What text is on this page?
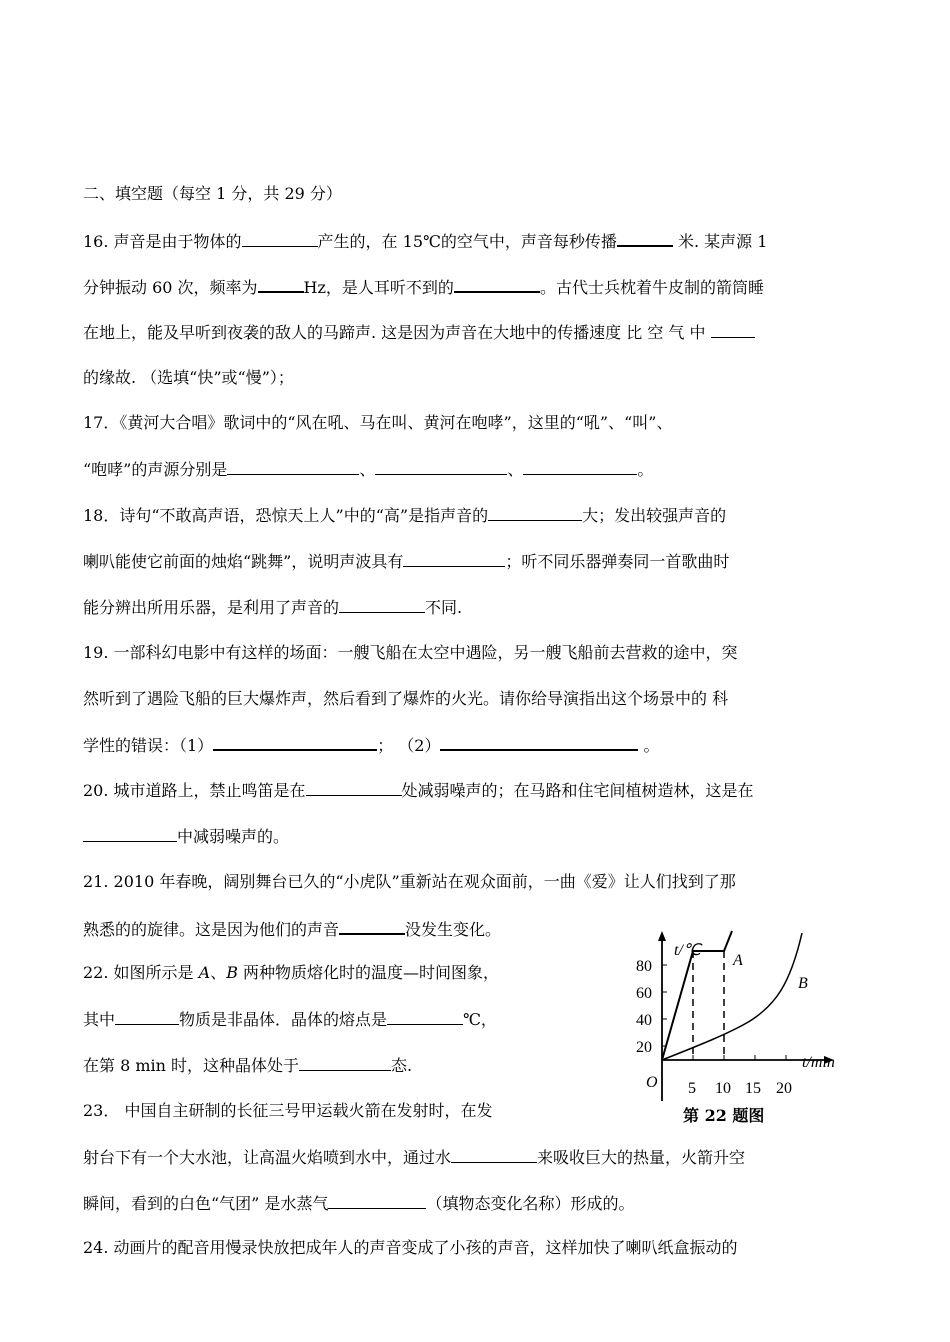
二、填空题（每空 1 分，共 29 分）
16. 声音是由于物体的	产生的，在 15℃的空气中，声音每秒传播	米. 某声源 1
分钟振动 60 次，频率为	Hz，是人耳听不到的	。古代士兵枕着牛皮制的箭筒睡
在地上，能及早听到夜袭的敌人的马蹄声. 这是因为声音在大地中的传播速度 比 空 气 中
的缘故. （选填“快”或“慢”）；
17．《黄河大合唱》歌词中的“风在吼、马在叫、黄河在咆哮”，这里的“吼”、“叫”、
“咆哮”的声源分别是	、	、	。
18．诗句“不敢高声语，恐惊天上人”中的“高”是指声音的	大；发出较强声音的
喇叭能使它前面的烛焰“跳舞”，说明声波具有	；听不同乐器弹奏同一首歌曲时
能分辨出所用乐器，是利用了声音的	不同.
19. 一部科幻电影中有这样的场面：一艘飞船在太空中遇险，另一艘飞船前去营救的途中，突
然听到了遇险飞船的巨大爆炸声，然后看到了爆炸的火光。请你给导演指出这个场景中的 科
学性的错误：（1）	； （2）	。
20. 城市道路上，禁止鸣笛是在	处减弱噪声的；在马路和住宅间植树造林，这是在
中减弱噪声的。
21. 2010 年春晚，阔别舞台已久的“小虎队”重新站在观众面前，一曲《爱》让人们找到了那
熟悉的的旋律。这是因为他们的声音	没发生变化。
22. 如图所示是 A、B 两种物质熔化时的温度—时间图象，
其中	物质是非晶体．晶体的熔点是	℃，
在第 8 min 时，这种晶体处于	态.
t/℃
80
60
40
20
O 5 10 15 20
t/min
A
B
第 22 题图
23． 中国自主研制的长征三号甲运载火箭在发射时，在发
射台下有一个大水池，让高温火焰喷到水中，通过水	来吸收巨大的热量，火箭升空
瞬间，看到的白色“气团” 是水蒸气	（填物态变化名称）形成的。
24. 动画片的配音用慢录快放把成年人的声音变成了小孩的声音，这样加快了喇叭纸盒振动的
